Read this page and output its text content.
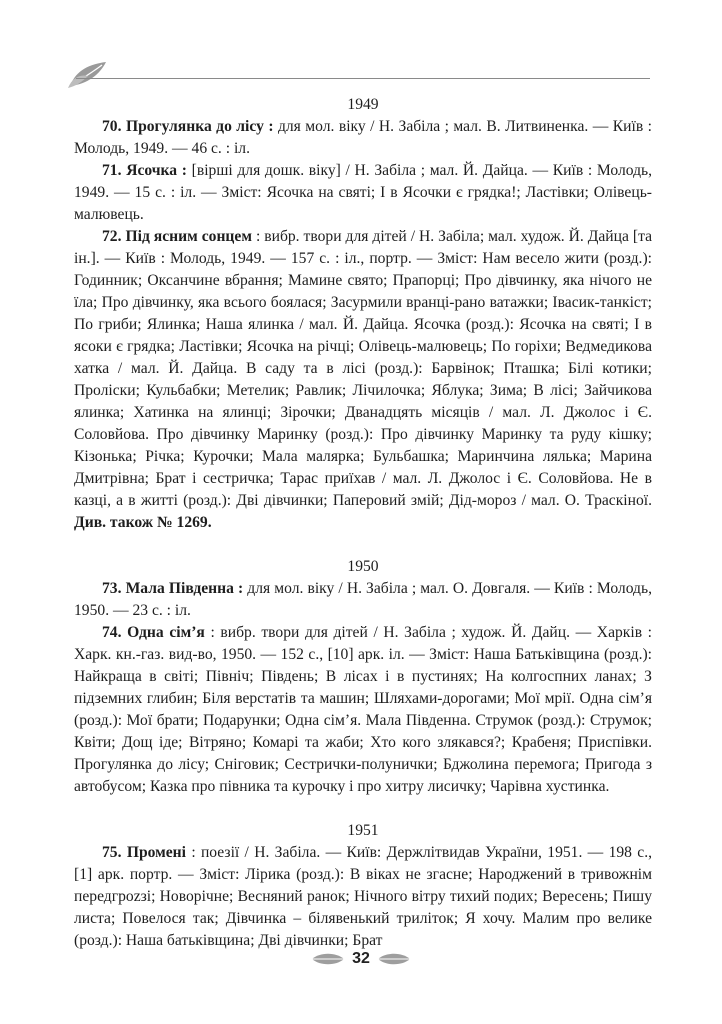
1949

70. Прогулянка до лісу : для мол. віку / Н. Забіла ; мал. В. Литвиненка. — Київ : Молодь, 1949. — 46 с. : іл.

71. Ясочка : [вірші для дошк. віку] / Н. Забіла ; мал. Й. Дайца. — Київ : Молодь, 1949. — 15 с. : іл. — Зміст: Ясочка на святі; І в Ясочки є грядка!; Ластівки; Олівець-малювець.

72. Під ясним сонцем : вибр. твори для дітей / Н. Забіла; мал. худож. Й. Дайца [та ін.]. — Київ : Молодь, 1949. — 157 с. : іл., портр. — Зміст: Нам весело жити (розд.): Годинник; Оксанчине вбрання; Мамине свято; Прапорці; Про дівчинку, яка нічого не їла; Про дівчинку, яка всього боялася; Засурмили вранці-рано ватажки; Івасик-танкіст; По гриби; Ялинка; Наша ялинка / мал. Й. Дайца. Ясочка (розд.): Ясочка на святі; І в ясоки є грядка; Ластівки; Ясочка на річці; Олівець-малювець; По горіхи; Ведмедикова хатка / мал. Й. Дайца. В саду та в лісі (розд.): Барвінок; Пташка; Білі котики; Проліски; Кульбабки; Метелик; Равлик; Лічилочка; Яблука; Зима; В лісі; Зайчикова ялинка; Хатинка на ялинці; Зірочки; Дванадцять місяців / мал. Л. Джолос і Є. Соловйова. Про дівчинку Маринку (розд.): Про дівчинку Маринку та руду кішку; Кізонька; Річка; Курочки; Мала малярка; Бульбашка; Маринчина лялька; Марина Дмитрівна; Брат і сестричка; Тарас приїхав / мал. Л. Джолос і Є. Соловйова. Не в казці, а в житті (розд.): Дві дівчинки; Паперовий змій; Дід-мороз / мал. О. Траскіної. Див. також № 1269.

1950

73. Мала Південна : для мол. віку / Н. Забіла ; мал. О. Довгаля. — Київ : Молодь, 1950. — 23 с. : іл.

74. Одна сім’я : вибр. твори для дітей / Н. Забіла ; худож. Й. Дайц. — Харків : Харк. кн.-газ. вид-во, 1950. — 152 с., [10] арк. іл. — Зміст: Наша Батьківщина (розд.): Найкраща в світі; Північ; Південь; В лісах і в пустинях; На колгоспних ланах; З підземних глибин; Біля верстатів та машин; Шляхами-дорогами; Мої мрії. Одна сім’я (розд.): Мої брати; Подарунки; Одна сім’я. Мала Південна. Струмок (розд.): Струмок; Квіти; Дощ іде; Вітряно; Комарі та жаби; Хто кого злякався?; Крабеня; Приспівки. Прогулянка до лісу; Сніговик; Сестрички-полунички; Бджолина перемога; Пригода з автобусом; Казка про півника та курочку і про хитру лисичку; Чарівна хустинка.

1951

75. Промені : поезії / Н. Забіла. — Київ: Держлітвидав України, 1951. — 198 с., [1] арк. портр. — Зміст: Лірика (розд.): В віках не згасне; Народжений в тривожнім передгрozзі; Новорічне; Весняний ранок; Нічного вітру тихий подих; Вересень; Пишу листа; Повелося так; Дівчинка – білявенький триліток; Я хочу. Малим про велике (розд.): Наша батьківщина; Дві дівчинки; Брат

32
